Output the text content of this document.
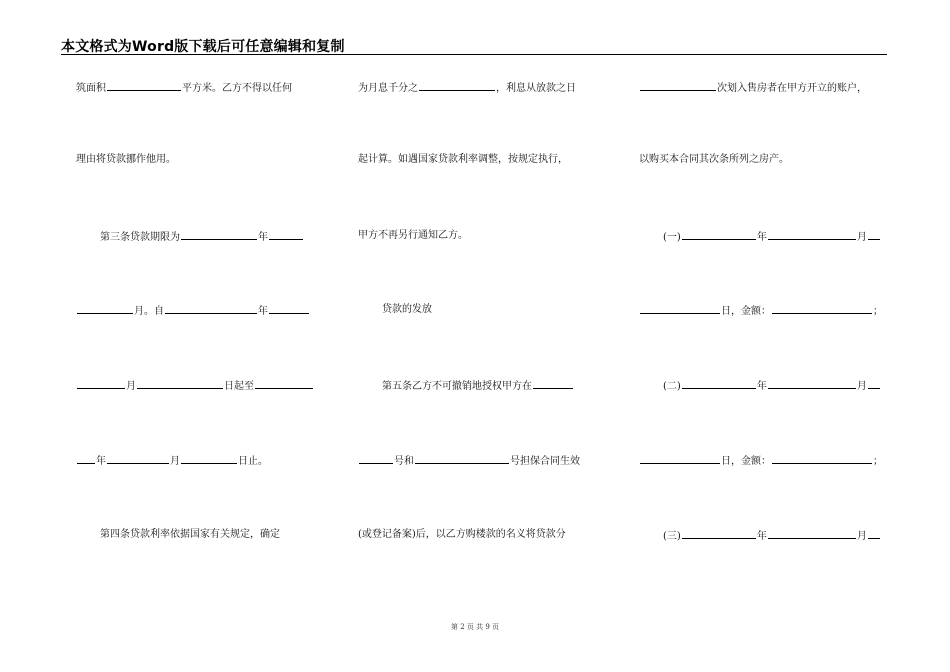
本文格式为Word版下载后可任意编辑和复制
筑面积	平方米。乙方不得以任何
理由将贷款挪作他用。
第三条贷款期限为	年
月。自	年
月	日起至
年	月	日止。
第四条贷款利率依据国家有关规定，确定
为月息千分之	，利息从放款之日
起计算。如遇国家贷款利率调整，按规定执行，
甲方不再另行通知乙方。
贷款的发放
第五条乙方不可撤销地授权甲方在
号和	号担保合同生效
(或登记备案)后，以乙方购楼款的名义将贷款分
次划入售房者在甲方开立的账户，
以购买本合同其次条所列之房产。
(一)	年	月
日，金额：	；
(二)	年	月
日，金额：	；
(三)	年	月
第 2 页 共 9 页
